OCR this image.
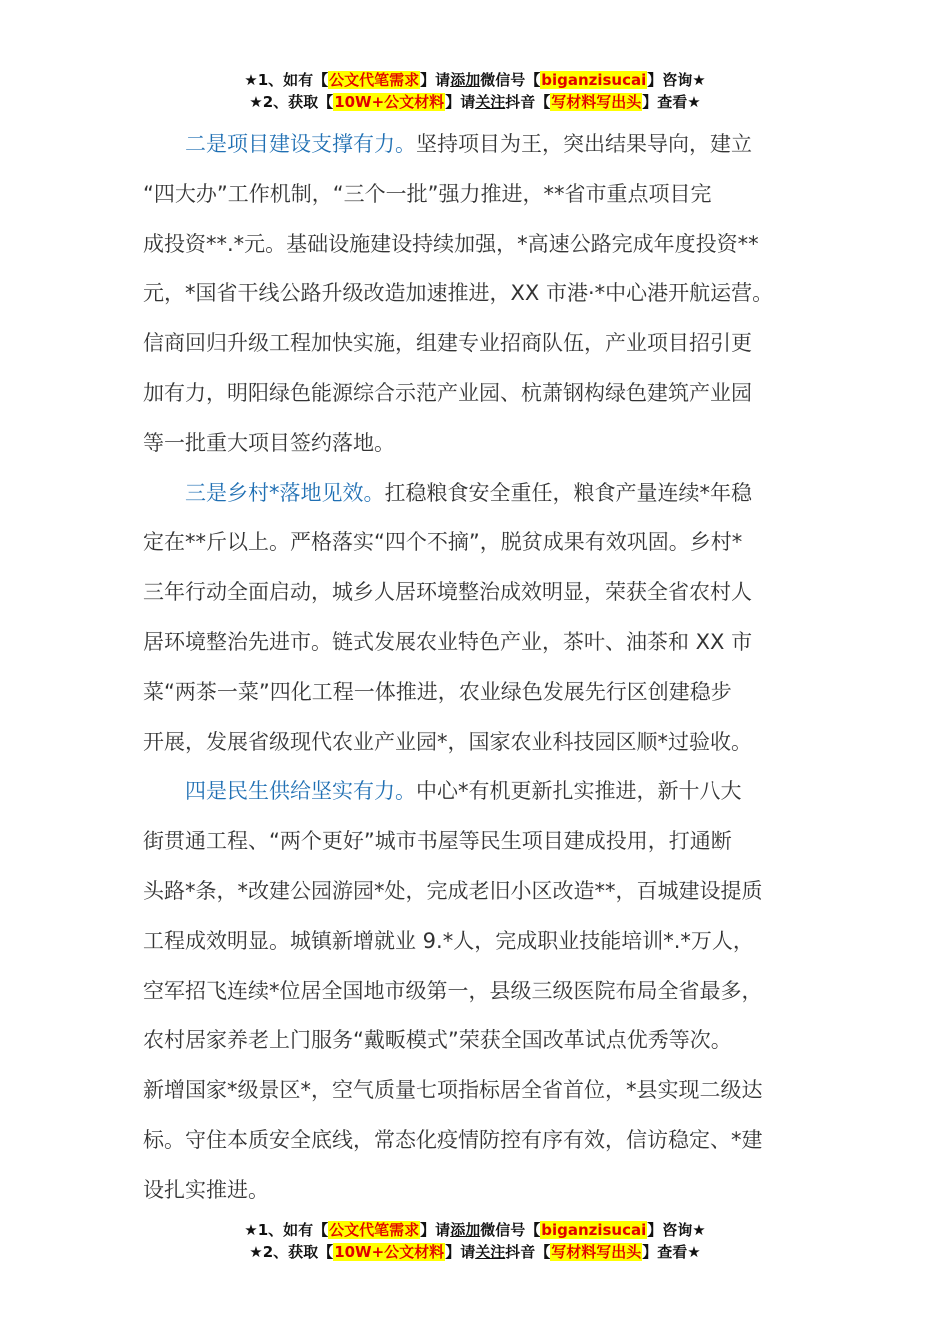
★1、如有【公文代笔需求】请添加微信号【biganzisucai】咨询★
★2、获取【10W+公文材料】请关注抖音【写材料写出头】查看★

二是项目建设支撑有力。坚持项目为王，突出结果导向，建立
“四大办”工作机制，“三个一批”强力推进，**省市重点项目完
成投资**.*元。基础设施建设持续加强，*高速公路完成年度投资**
元，*国省干线公路升级改造加速推进，XX 市港·*中心港开航运营。
信商回归升级工程加快实施，组建专业招商队伍，产业项目招引更
加有力，明阳绿色能源综合示范产业园、杭萧钢构绿色建筑产业园
等一批重大项目签约落地。

三是乡村*落地见效。扛稳粮食安全重任，粮食产量连续*年稳
定在**斤以上。严格落实“四个不摘”，脱贫成果有效巩固。乡村*
三年行动全面启动，城乡人居环境整治成效明显，荣获全省农村人
居环境整治先进市。链式发展农业特色产业，茶叶、油茶和 XX 市
菜“两茶一菜”四化工程一体推进，农业绿色发展先行区创建稳步
开展，发展省级现代农业产业园*，国家农业科技园区顺*过验收。

四是民生供给坚实有力。中心*有机更新扎实推进，新十八大
街贯通工程、“两个更好”城市书屋等民生项目建成投用，打通断
头路*条，*改建公园游园*处，完成老旧小区改造**，百城建设提质
工程成效明显。城镇新增就业 9.*人，完成职业技能培训*.*万人，
空军招飞连续*位居全国地市级第一，县级三级医院布局全省最多，
农村居家养老上门服务“戴畈模式”荣获全国改革试点优秀等次。
新增国家*级景区*，空气质量七项指标居全省首位，*县实现二级达
标。守住本质安全底线，常态化疫情防控有序有效，信访稳定、*建
设扎实推进。

★1、如有【公文代笔需求】请添加微信号【biganzisucai】咨询★
★2、获取【10W+公文材料】请关注抖音【写材料写出头】查看★
